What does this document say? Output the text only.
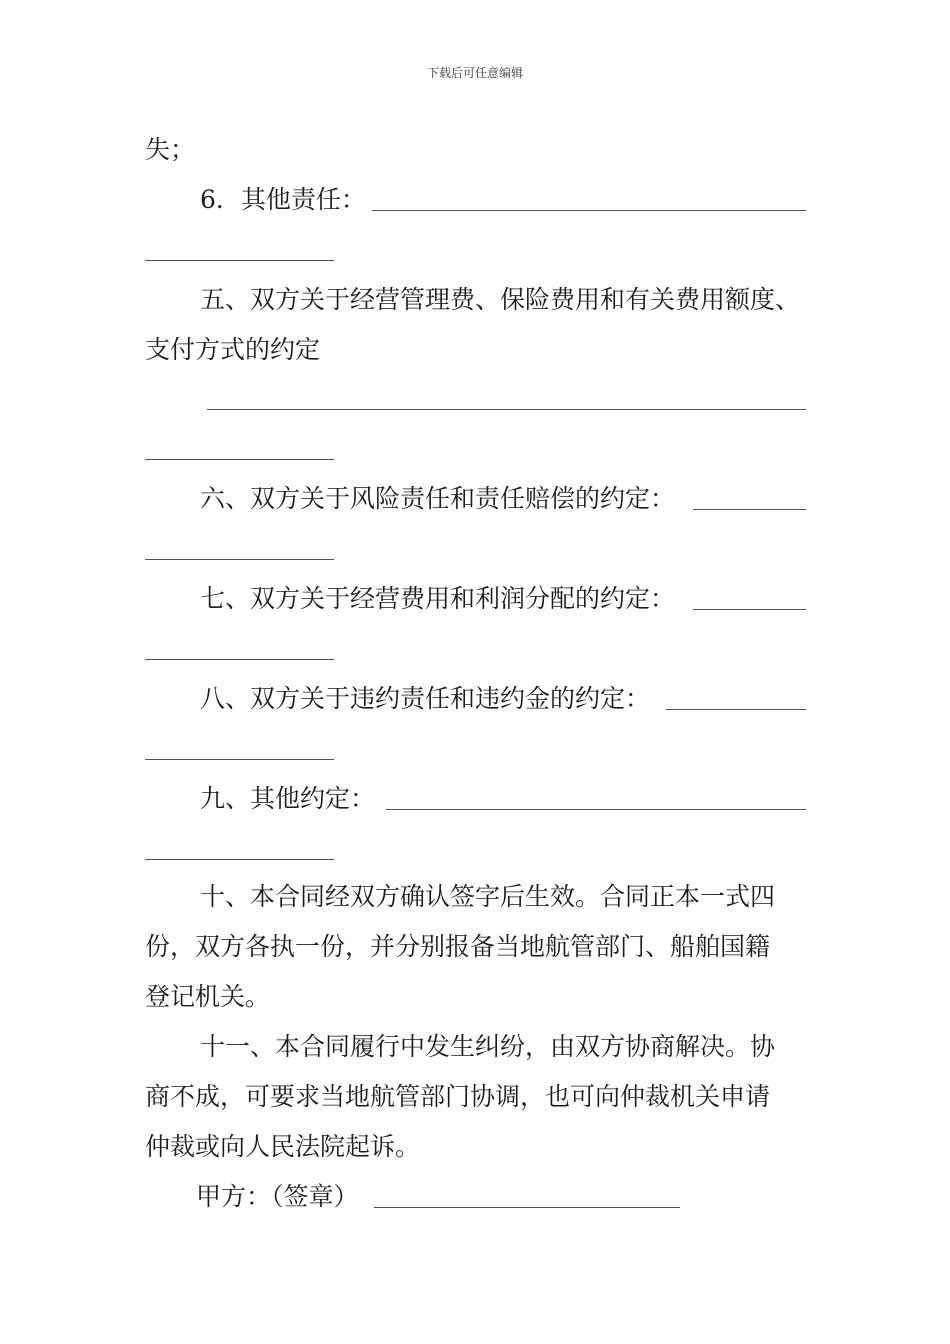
下载后可任意编辑
失；
6．其他责任：
五、双方关于经营管理费、保险费用和有关费用额度、
支付方式的约定
六、双方关于风险责任和责任赔偿的约定：
七、双方关于经营费用和利润分配的约定：
八、双方关于违约责任和违约金的约定：
九、其他约定：
十、本合同经双方确认签字后生效。合同正本一式四
份，双方各执一份，并分别报备当地航管部门、船舶国籍
登记机关。
十一、本合同履行中发生纠纷，由双方协商解决。协
商不成，可要求当地航管部门协调，也可向仲裁机关申请
仲裁或向人民法院起诉。
甲方：（签章）
